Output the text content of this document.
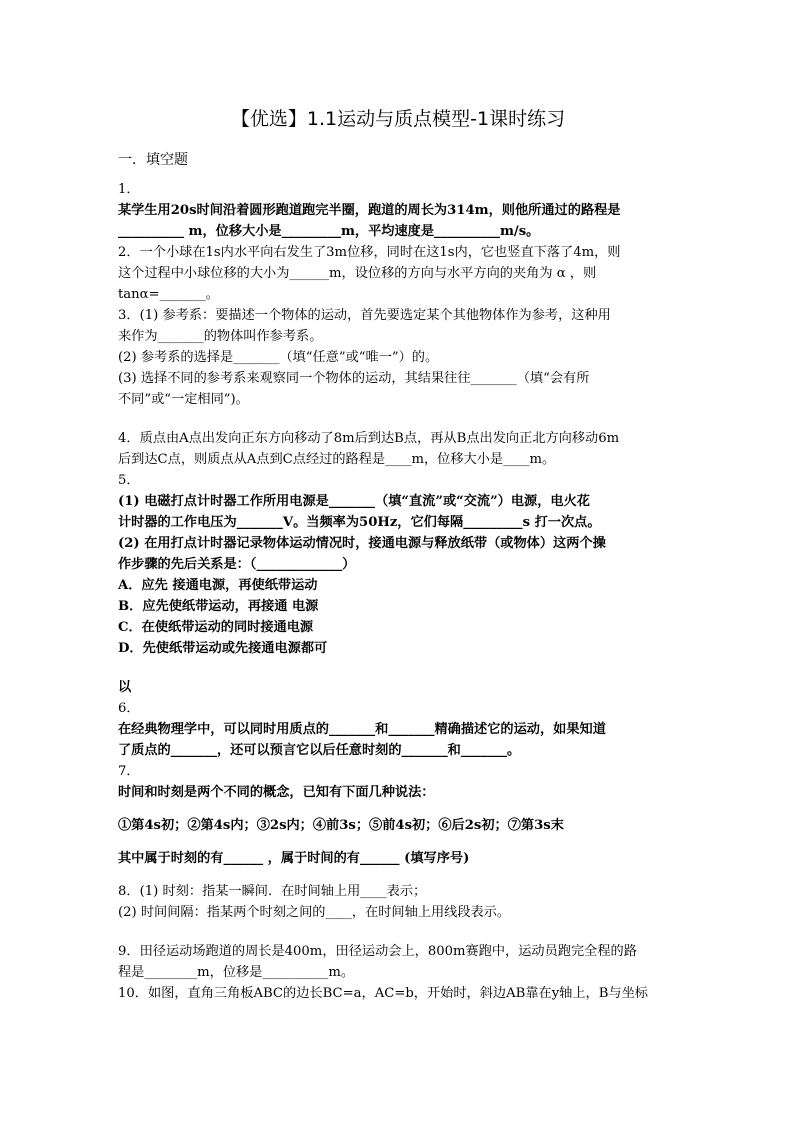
【优选】1.1运动与质点模型-1课时练习
一．填空题
1．
某学生用20s时间沿着圆形跑道跑完半圈，跑道的周长为314m，则他所通过的路程是
__________ m，位移大小是_________m，平均速度是__________m/s。
2．一个小球在1s内水平向右发生了3m位移，同时在这1s内，它也竖直下落了4m，则
这个过程中小球位移的大小为______m，设位移的方向与水平方向的夹角为 α ，则
tanα=_______。
3．(1) 参考系：要描述一个物体的运动，首先要选定某个其他物体作为参考，这种用
来作为_______的物体叫作参考系。
(2) 参考系的选择是_______（填“任意”或“唯一”）的。
(3) 选择不同的参考系来观察同一个物体的运动，其结果往往_______（填“会有所
不同”或“一定相同”)。
4．质点由A点出发向正东方向移动了8m后到达B点，再从B点出发向正北方向移动6m
后到达C点，则质点从A点到C点经过的路程是____m，位移大小是____m。
5．
(1) 电磁打点计时器工作所用电源是_______（填“直流”或“交流”）电源，电火花
计时器的工作电压为_______V。当频率为50Hz，它们每隔_________s 打一次点。
(2) 在用打点计时器记录物体运动情况时，接通电源与释放纸带（或物体）这两个操
作步骤的先后关系是：（_____________）
A．应先 接通电源，再使纸带运动
B．应先使纸带运动，再接通 电源
C．在使纸带运动的同时接通电源
D．先使纸带运动或先接通电源都可
以
6．
在经典物理学中，可以同时用质点的_______和_______精确描述它的运动，如果知道
了质点的_______，还可以预言它以后任意时刻的_______和_______。
7．
时间和时刻是两个不同的概念，已知有下面几种说法：
①第4s初；②第4s内；③2s内；④前3s；⑤前4s初；⑥后2s初；⑦第3s末
其中属于时刻的有______ ，属于时间的有______ (填写序号)
8．(1) 时刻：指某一瞬间．在时间轴上用____表示；
(2) 时间间隔：指某两个时刻之间的____，在时间轴上用线段表示。
9．田径运动场跑道的周长是400m，田径运动会上，800m赛跑中，运动员跑完全程的路
程是________m，位移是__________m。
10．如图，直角三角板ABC的边长BC=a，AC=b，开始时，斜边AB靠在y轴上，B与坐标
